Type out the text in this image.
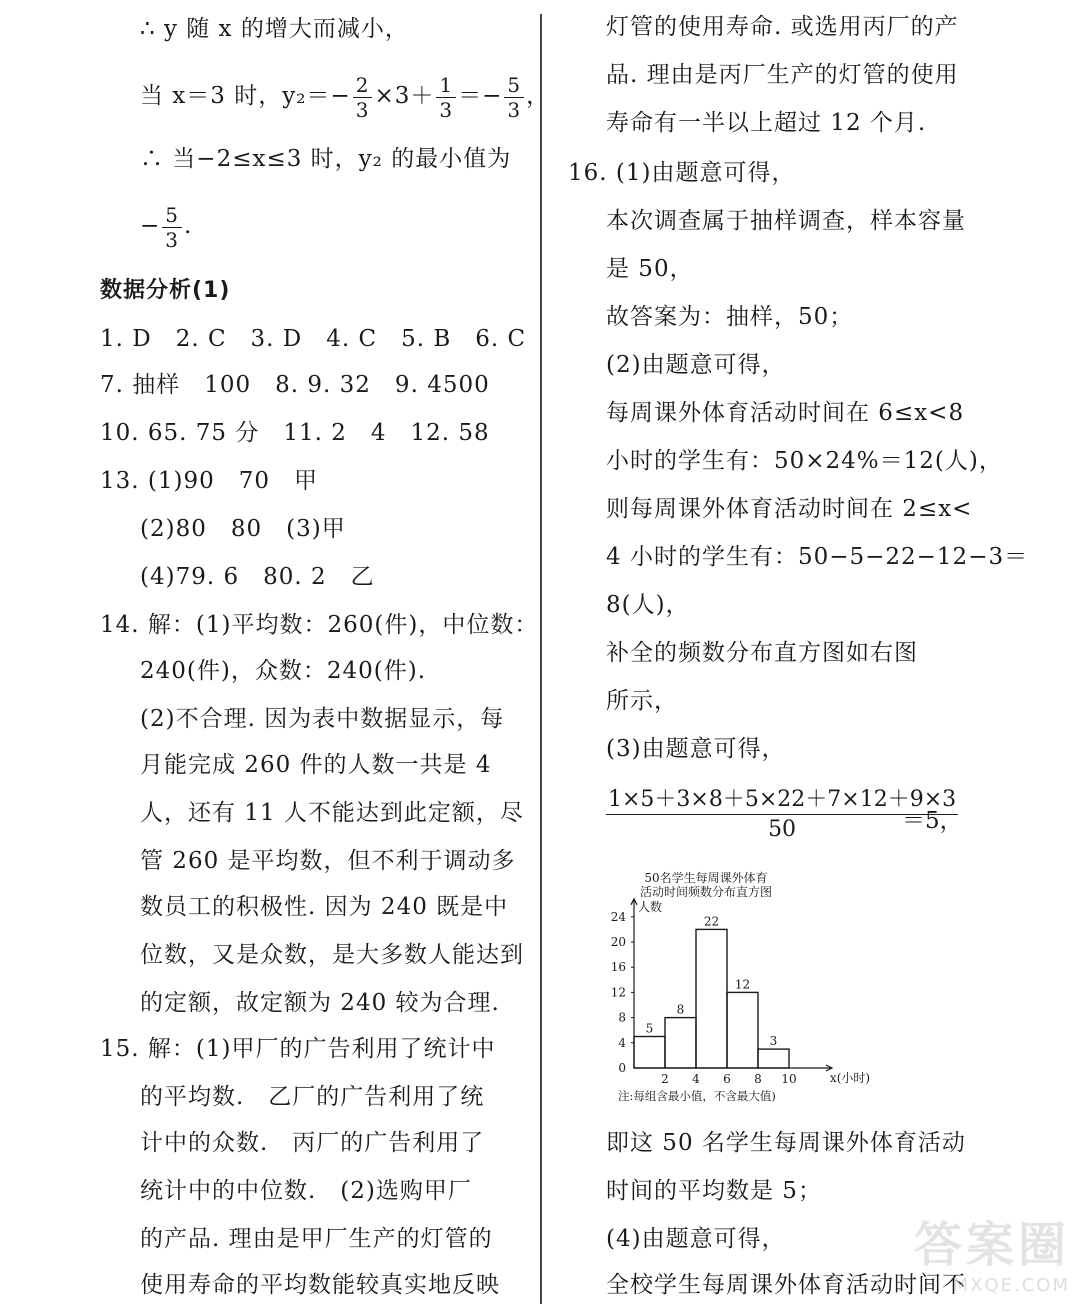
∴ y 随 x 的增大而减小，
当 x＝3 时，$y_2=- \frac{2}{3} \times 3+ \frac{1}{3} =- \frac{5}{3}$ ，
∴ 当−2≤x≤3 时，y₂ 的最小值为
− $\frac{5}{3}$ .
数据分析(1)
1. D　2. C　3. D　4. C　5. B　6. C
7. 抽样　100　8. 9. 32　9. 4500
10. 65. 75 分　11. 2　4　12. 58
13. (1)90　70　甲
(2)80　80　(3)甲
(4)79. 6　80. 2　乙
14. 解：(1)平均数：260(件)，中位数：
240(件)，众数：240(件).
(2)不合理. 因为表中数据显示，每
月能完成 260 件的人数一共是 4
人，还有 11 人不能达到此定额，尽
管 260 是平均数，但不利于调动多
数员工的积极性. 因为 240 既是中
位数，又是众数，是大多数人能达到
的定额，故定额为 240 较为合理.
15. 解：(1)甲厂的广告利用了统计中
的平均数.　乙厂的广告利用了统
计中的众数.　丙厂的广告利用了
统计中的中位数.　(2)选购甲厂
的产品. 理由是甲厂生产的灯管的
使用寿命的平均数能较真实地反映
灯管的使用寿命. 或选用丙厂的产
品. 理由是丙厂生产的灯管的使用
寿命有一半以上超过 12 个月.
16. (1)由题意可得，
本次调查属于抽样调查，样本容量
是 50，
故答案为：抽样，50；
(2)由题意可得，
每周课外体育活动时间在 6≤x<8
小时的学生有：50×24%＝12(人)，
则每周课外体育活动时间在 2≤x<
4 小时的学生有：50−5−22−12−3＝
8(人)，
补全的频数分布直方图如右图
所示，
(3)由题意可得，
1×5＋3×8＋5×22＋7×12＋9×3
50	＝5，
50名学生每周课外体育
活动时间频数分布直方图
人数
x(小时)
0
4
8
12
16
20
24
2 4 6 8 10
5
8
22
12
3
注:每组含最小值，不含最大值)
即这 50 名学生每周课外体育活动
时间的平均数是 5；
(4)由题意可得，
全校学生每周课外体育活动时间不
答案圈
MXQE.COM
